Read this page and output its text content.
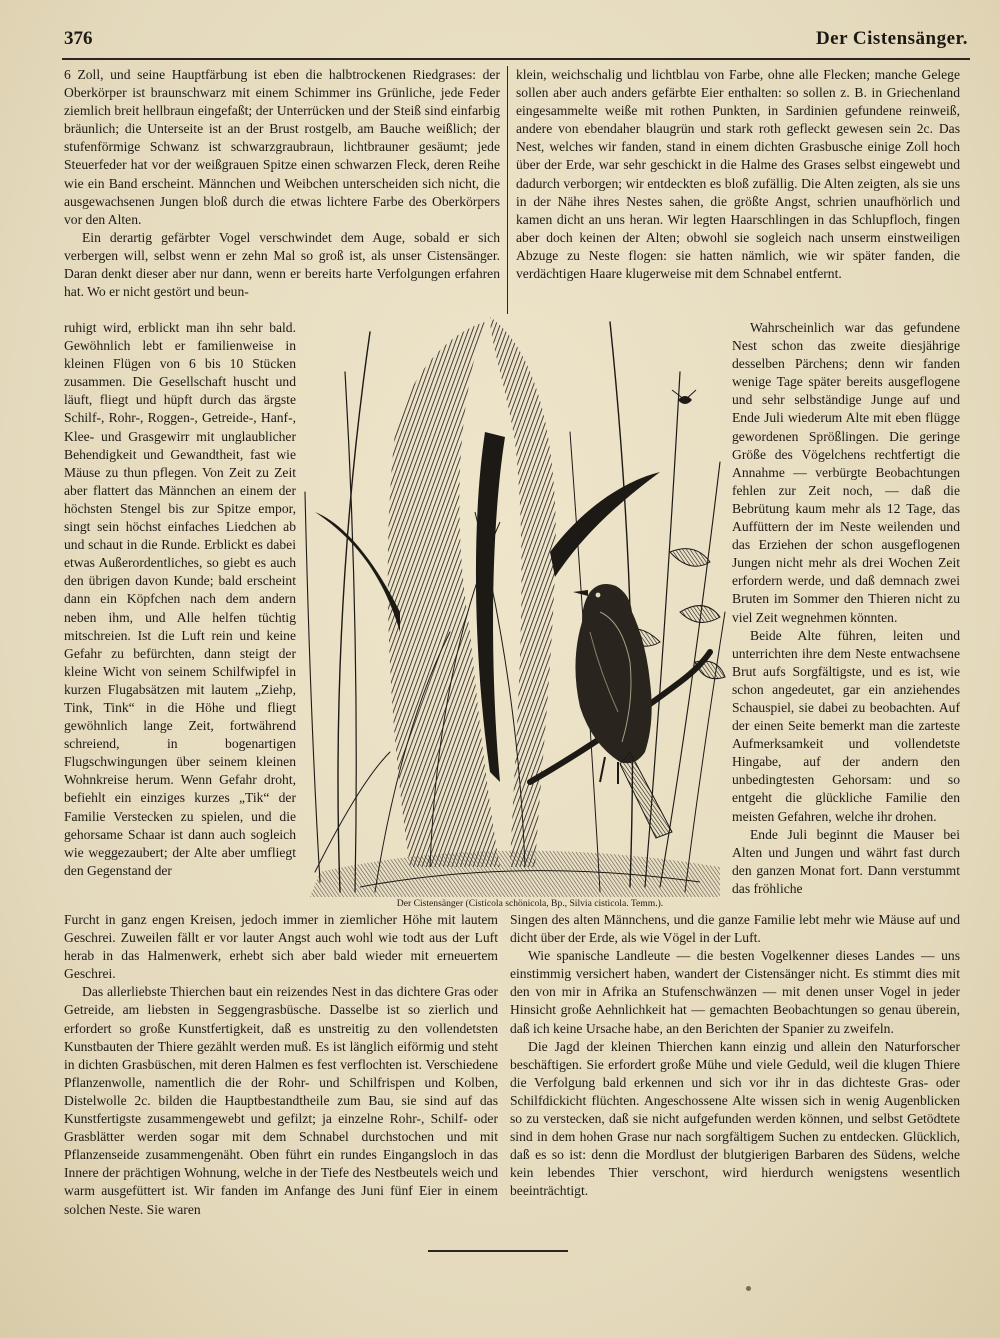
376	Der Cistensänger.

6 Zoll, und seine Hauptfärbung ist eben die halbtrockenen Riedgrases: der Oberkörper ist braunschwarz mit einem Schimmer ins Grünliche, jede Feder ziemlich breit hellbraun eingefaßt; der Unterrücken und der Steiß sind einfarbig bräunlich; die Unterseite ist an der Brust rostgelb, am Bauche weißlich; der stufenförmige Schwanz ist schwarzgraubraun, lichtbrauner gesäumt; jede Steuerfeder hat vor der weißgrauen Spitze einen schwarzen Fleck, deren Reihe wie ein Band erscheint. Männchen und Weibchen unterscheiden sich nicht, die ausgewachsenen Jungen bloß durch die etwas lichtere Farbe des Oberkörpers vor den Alten.

Ein derartig gefärbter Vogel verschwindet dem Auge, sobald er sich verbergen will, selbst wenn er zehn Mal so groß ist, als unser Cistensänger. Daran denkt dieser aber nur dann, wenn er bereits harte Verfolgungen erfahren hat. Wo er nicht gestört und beun-

ruhigt wird, erblickt man ihn sehr bald. Gewöhnlich lebt er familienweise in kleinen Flügen von 6 bis 10 Stücken zusammen. Die Gesellschaft huscht und läuft, fliegt und hüpft durch das ärgste Schilf-, Rohr-, Roggen-, Getreide-, Hanf-, Klee- und Grasgewirr mit unglaublicher Behendigkeit und Gewandtheit, fast wie Mäuse zu thun pflegen. Von Zeit zu Zeit aber flattert das Männchen an einem der höchsten Stengel bis zur Spitze empor, singt sein höchst einfaches Liedchen ab und schaut in die Runde. Erblickt es dabei etwas Außerordentliches, so giebt es auch den übrigen davon Kunde; bald erscheint dann ein Köpfchen nach dem andern neben ihm, und Alle helfen tüchtig mitschreien. Ist die Luft rein und keine Gefahr zu befürchten, dann steigt der kleine Wicht von seinem Schilfwipfel in kurzen Flugabsätzen mit lautem „Ziehp, Tink, Tink“ in die Höhe und fliegt gewöhnlich lange Zeit, fortwährend schreiend, in bogenartigen Flugschwingungen über seinem kleinen Wohnkreise herum. Wenn Gefahr droht, befiehlt ein einziges kurzes „Tik“ der Familie Verstecken zu spielen, und die gehorsame Schaar ist dann auch sogleich wie weggezaubert; der Alte aber umfliegt den Gegenstand der

Furcht in ganz engen Kreisen, jedoch immer in ziemlicher Höhe mit lautem Geschrei. Zuweilen fällt er vor lauter Angst auch wohl wie todt aus der Luft herab in das Halmenwerk, erhebt sich aber bald wieder mit erneuertem Geschrei.

Das allerliebste Thierchen baut ein reizendes Nest in das dichtere Gras oder Getreide, am liebsten in Seggengrasbüsche. Dasselbe ist so zierlich und erfordert so große Kunstfertigkeit, daß es unstreitig zu den vollendetsten Kunstbauten der Thiere gezählt werden muß. Es ist länglich eiförmig und steht in dichten Grasbüschen, mit deren Halmen es fest verflochten ist. Verschiedene Pflanzenwolle, namentlich die der Rohr- und Schilfrispen und Kolben, Distelwolle 2c. bilden die Hauptbestandtheile zum Bau, sie sind auf das Kunstfertigste zusammengewebt und gefilzt; ja einzelne Rohr-, Schilf- oder Grasblätter werden sogar mit dem Schnabel durchstochen und mit Pflanzenseide zusammengenäht. Oben führt ein rundes Eingangsloch in das Innere der prächtigen Wohnung, welche in der Tiefe des Nestbeutels weich und warm ausgefüttert ist. Wir fanden im Anfange des Juni fünf Eier in einem solchen Neste. Sie waren

klein, weichschalig und lichtblau von Farbe, ohne alle Flecken; manche Gelege sollen aber auch anders gefärbte Eier enthalten: so sollen z. B. in Griechenland eingesammelte weiße mit rothen Punkten, in Sardinien gefundene reinweiß, andere von ebendaher blaugrün und stark roth gefleckt gewesen sein 2c. Das Nest, welches wir fanden, stand in einem dichten Grasbusche einige Zoll hoch über der Erde, war sehr geschickt in die Halme des Grases selbst eingewebt und dadurch verborgen; wir entdeckten es bloß zufällig. Die Alten zeigten, als sie uns in der Nähe ihres Nestes sahen, die größte Angst, schrien unaufhörlich und kamen dicht an uns heran. Wir legten Haarschlingen in das Schlupfloch, fingen aber doch keinen der Alten; obwohl sie sogleich nach unserm einstweiligen Abzuge zu Neste flogen: sie hatten nämlich, wie wir später fanden, die verdächtigen Haare klugerweise mit dem Schnabel entfernt.

Wahrscheinlich war das gefundene Nest schon das zweite diesjährige desselben Pärchens; denn wir fanden wenige Tage später bereits ausgeflogene und sehr selbständige Junge auf und Ende Juli wiederum Alte mit eben flügge gewordenen Sprößlingen. Die geringe Größe des Vögelchens rechtfertigt die Annahme — verbürgte Beobachtungen fehlen zur Zeit noch, — daß die Bebrütung kaum mehr als 12 Tage, das Auffüttern der im Neste weilenden und das Erziehen der schon ausgeflogenen Jungen nicht mehr als drei Wochen Zeit erfordern werde, und daß demnach zwei Bruten im Sommer den Thieren nicht zu viel Zeit wegnehmen könnten.

Beide Alte führen, leiten und unterrichten ihre dem Neste entwachsene Brut aufs Sorgfältigste, und es ist, wie schon angedeutet, gar ein anziehendes Schauspiel, sie dabei zu beobachten. Auf der einen Seite bemerkt man die zarteste Aufmerksamkeit und vollendetste Hingabe, auf der andern den unbedingtesten Gehorsam: und so entgeht die glückliche Familie den meisten Gefahren, welche ihr drohen.

Ende Juli beginnt die Mauser bei Alten und Jungen und währt fast durch den ganzen Monat fort. Dann verstummt das fröhliche

Singen des alten Männchens, und die ganze Familie lebt mehr wie Mäuse auf und dicht über der Erde, als wie Vögel in der Luft.

Wie spanische Landleute — die besten Vogelkenner dieses Landes — uns einstimmig versichert haben, wandert der Cistensänger nicht. Es stimmt dies mit den von mir in Afrika an Stufenschwänzen — mit denen unser Vogel in jeder Hinsicht große Aehnlichkeit hat — gemachten Beobachtungen so genau überein, daß ich keine Ursache habe, an den Berichten der Spanier zu zweifeln.

Die Jagd der kleinen Thierchen kann einzig und allein den Naturforscher beschäftigen. Sie erfordert große Mühe und viele Geduld, weil die klugen Thiere die Verfolgung bald erkennen und sich vor ihr in das dichteste Gras- oder Schilfdickicht flüchten. Angeschossene Alte wissen sich in wenig Augenblicken so zu verstecken, daß sie nicht aufgefunden werden können, und selbst Getödtete sind in dem hohen Grase nur nach sorgfältigem Suchen zu entdecken. Glücklich, daß es so ist: denn die Mordlust der blutgierigen Barbaren des Südens, welche kein lebendes Thier verschont, wird hierdurch wenigstens wesentlich beeinträchtigt.

Der Cistensänger (Cisticola schönicola, Bp., Silvia cisticola. Temm.).
